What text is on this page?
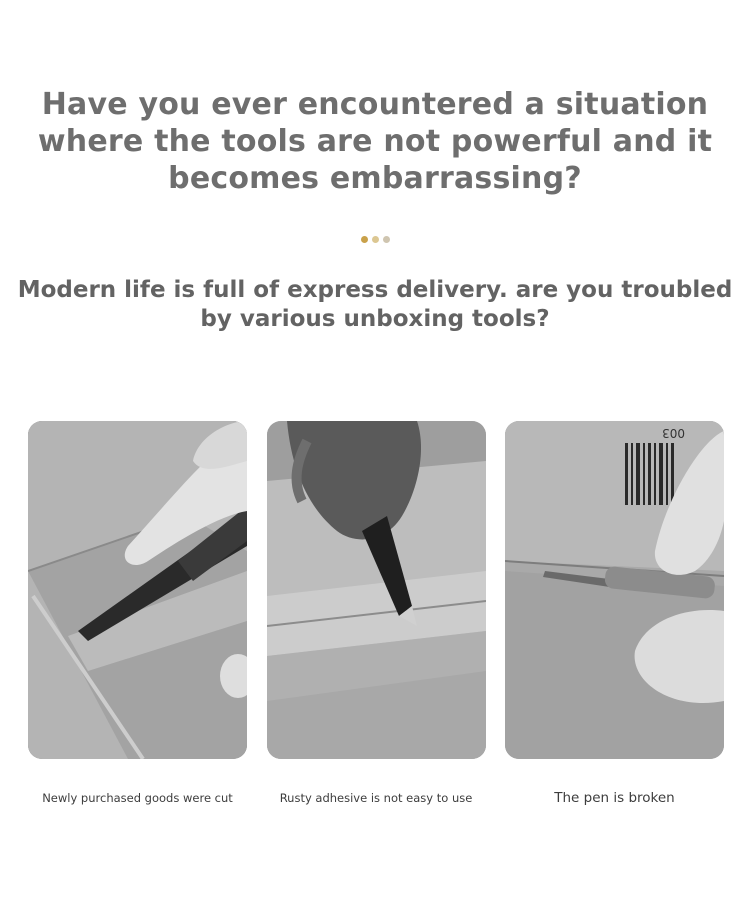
Have you ever encountered a situation where the tools are not powerful and it becomes embarrassing?
Modern life is full of express delivery. are you troubled by various unboxing tools?
003
Newly purchased goods were cut	Rusty adhesive is not easy to use	The pen is broken
